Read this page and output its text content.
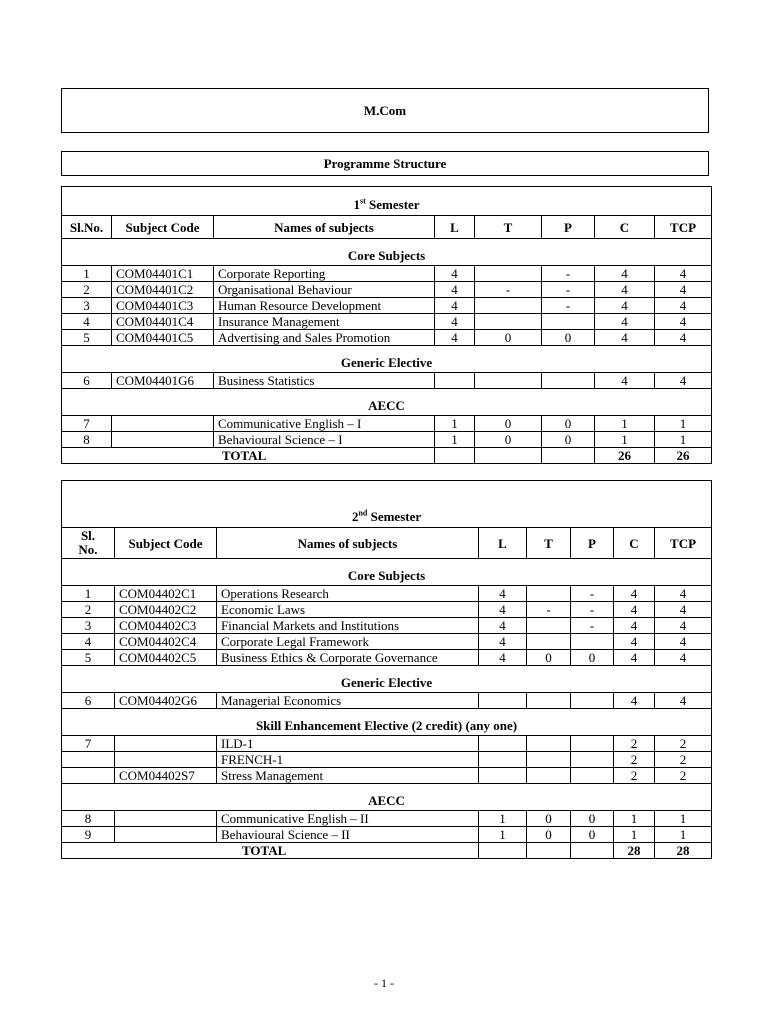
M.Com
Programme Structure
1st Semester							
Sl.No.	Subject Code	Names of subjects	L	T	P	C	TCP
Core Subjects							
1	COM04401C1	Corporate Reporting	4		-	4	4
2	COM04401C2	Organisational Behaviour	4	-	-	4	4
3	COM04401C3	Human Resource Development	4		-	4	4
4	COM04401C4	Insurance Management	4			4	4
5	COM04401C5	Advertising and Sales Promotion	4	0	0	4	4
Generic Elective							
6	COM04401G6	Business Statistics				4	4
AECC							
7		Communicative English – I	1	0	0	1	1
8		Behavioural Science – I	1	0	0	1	1
TOTAL						26	26
2nd Semester							
Sl.
No.	Subject Code	Names of subjects	L	T	P	C	TCP
Core Subjects							
1	COM04402C1	Operations Research	4		-	4	4
2	COM04402C2	Economic Laws	4	-	-	4	4
3	COM04402C3	Financial Markets and Institutions	4		-	4	4
4	COM04402C4	Corporate Legal Framework	4			4	4
5	COM04402C5	Business Ethics & Corporate Governance	4	0	0	4	4
Generic Elective							
6	COM04402G6	Managerial Economics				4	4
Skill Enhancement Elective (2 credit) (any one)							
7		ILD-1				2	2
		FRENCH-1				2	2
	COM04402S7	Stress Management				2	2
AECC							
8		Communicative English – II	1	0	0	1	1
9		Behavioural Science – II	1	0	0	1	1
TOTAL						28	28
- 1 -
